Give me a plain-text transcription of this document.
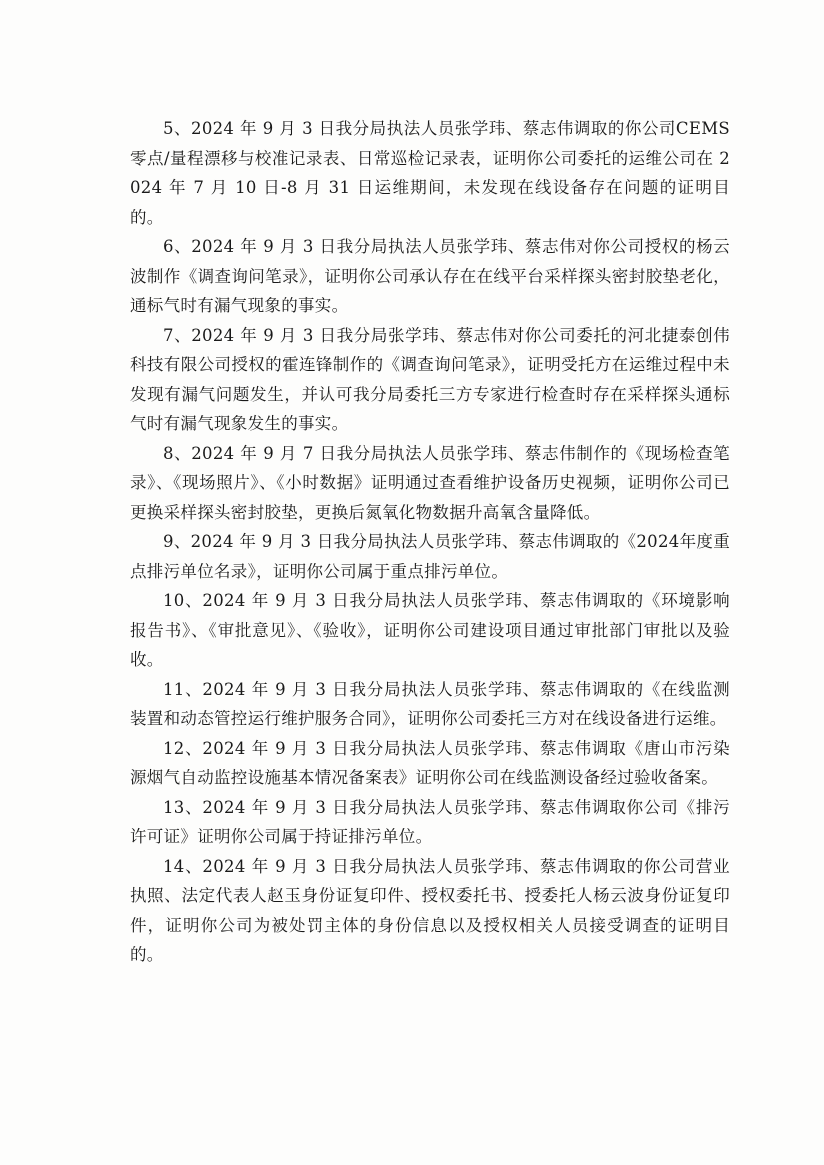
5、2024 年 9 月 3 日我分局执法人员张学玮、蔡志伟调取的你公司CEMS 零点/量程漂移与校准记录表、日常巡检记录表，证明你公司委托的运维公司在 2024 年 7 月 10 日-8 月 31 日运维期间，未发现在线设备存在问题的证明目的。

6、2024 年 9 月 3 日我分局执法人员张学玮、蔡志伟对你公司授权的杨云波制作《调查询问笔录》，证明你公司承认存在在线平台采样探头密封胶垫老化，通标气时有漏气现象的事实。

7、2024 年 9 月 3 日我分局张学玮、蔡志伟对你公司委托的河北捷泰创伟科技有限公司授权的霍连锋制作的《调查询问笔录》，证明受托方在运维过程中未发现有漏气问题发生，并认可我分局委托三方专家进行检查时存在采样探头通标气时有漏气现象发生的事实。

8、2024 年 9 月 7 日我分局执法人员张学玮、蔡志伟制作的《现场检查笔录》、《现场照片》、《小时数据》证明通过查看维护设备历史视频，证明你公司已更换采样探头密封胶垫，更换后氮氧化物数据升高氧含量降低。

9、2024 年 9 月 3 日我分局执法人员张学玮、蔡志伟调取的《2024年度重点排污单位名录》，证明你公司属于重点排污单位。

10、2024 年 9 月 3 日我分局执法人员张学玮、蔡志伟调取的《环境影响报告书》、《审批意见》、《验收》，证明你公司建设项目通过审批部门审批以及验收。

11、2024 年 9 月 3 日我分局执法人员张学玮、蔡志伟调取的《在线监测装置和动态管控运行维护服务合同》，证明你公司委托三方对在线设备进行运维。

12、2024 年 9 月 3 日我分局执法人员张学玮、蔡志伟调取《唐山市污染源烟气自动监控设施基本情况备案表》证明你公司在线监测设备经过验收备案。

13、2024 年 9 月 3 日我分局执法人员张学玮、蔡志伟调取你公司《排污许可证》证明你公司属于持证排污单位。

14、2024 年 9 月 3 日我分局执法人员张学玮、蔡志伟调取的你公司营业执照、法定代表人赵玉身份证复印件、授权委托书、授委托人杨云波身份证复印件，证明你公司为被处罚主体的身份信息以及授权相关人员接受调查的证明目的。
